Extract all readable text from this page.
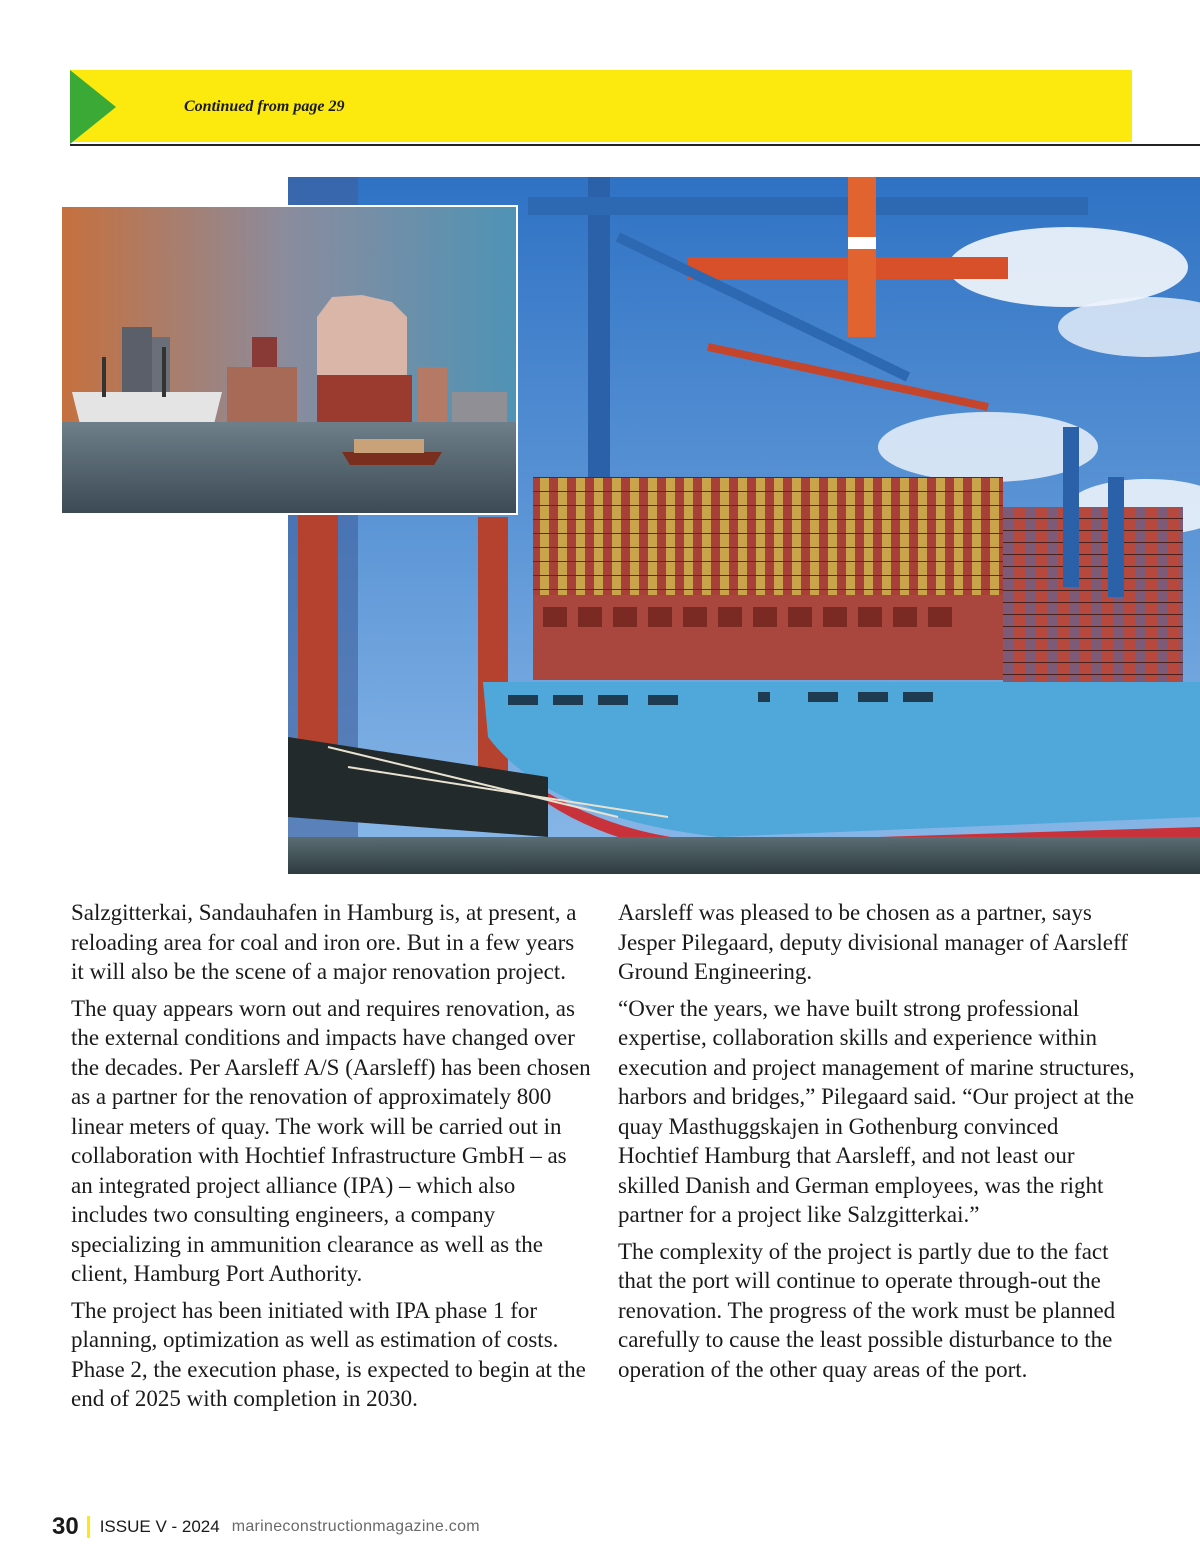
Continued from page 29

Salzgitterkai, Sandauhafen in Hamburg is, at present, a reloading area for coal and iron ore. But in a few years it will also be the scene of a major renovation project.

The quay appears worn out and requires renovation, as the external conditions and impacts have changed over the decades. Per Aarsleff A/S (Aarsleff) has been chosen as a partner for the renovation of approximately 800 linear meters of quay. The work will be carried out in collaboration with Hochtief Infrastructure GmbH – as an integrated project alliance (IPA) – which also includes two consulting engineers, a company specializing in ammunition clearance as well as the client, Hamburg Port Authority.

The project has been initiated with IPA phase 1 for planning, optimization as well as estimation of costs. Phase 2, the execution phase, is expected to begin at the end of 2025 with completion in 2030.

Aarsleff was pleased to be chosen as a partner, says Jesper Pilegaard, deputy divisional manager of Aarsleff Ground Engineering.

“Over the years, we have built strong professional expertise, collaboration skills and experience within execution and project management of marine structures, harbors and bridges,” Pilegaard said. “Our project at the quay Masthuggskajen in Gothenburg convinced Hochtief Hamburg that Aarsleff, and not least our skilled Danish and German employees, was the right partner for a project like Salzgitterkai.”

The complexity of the project is partly due to the fact that the port will continue to operate through-out the renovation. The progress of the work must be planned carefully to cause the least possible disturbance to the operation of the other quay areas of the port.

30 ISSUE V - 2024 marineconstructionmagazine.com
